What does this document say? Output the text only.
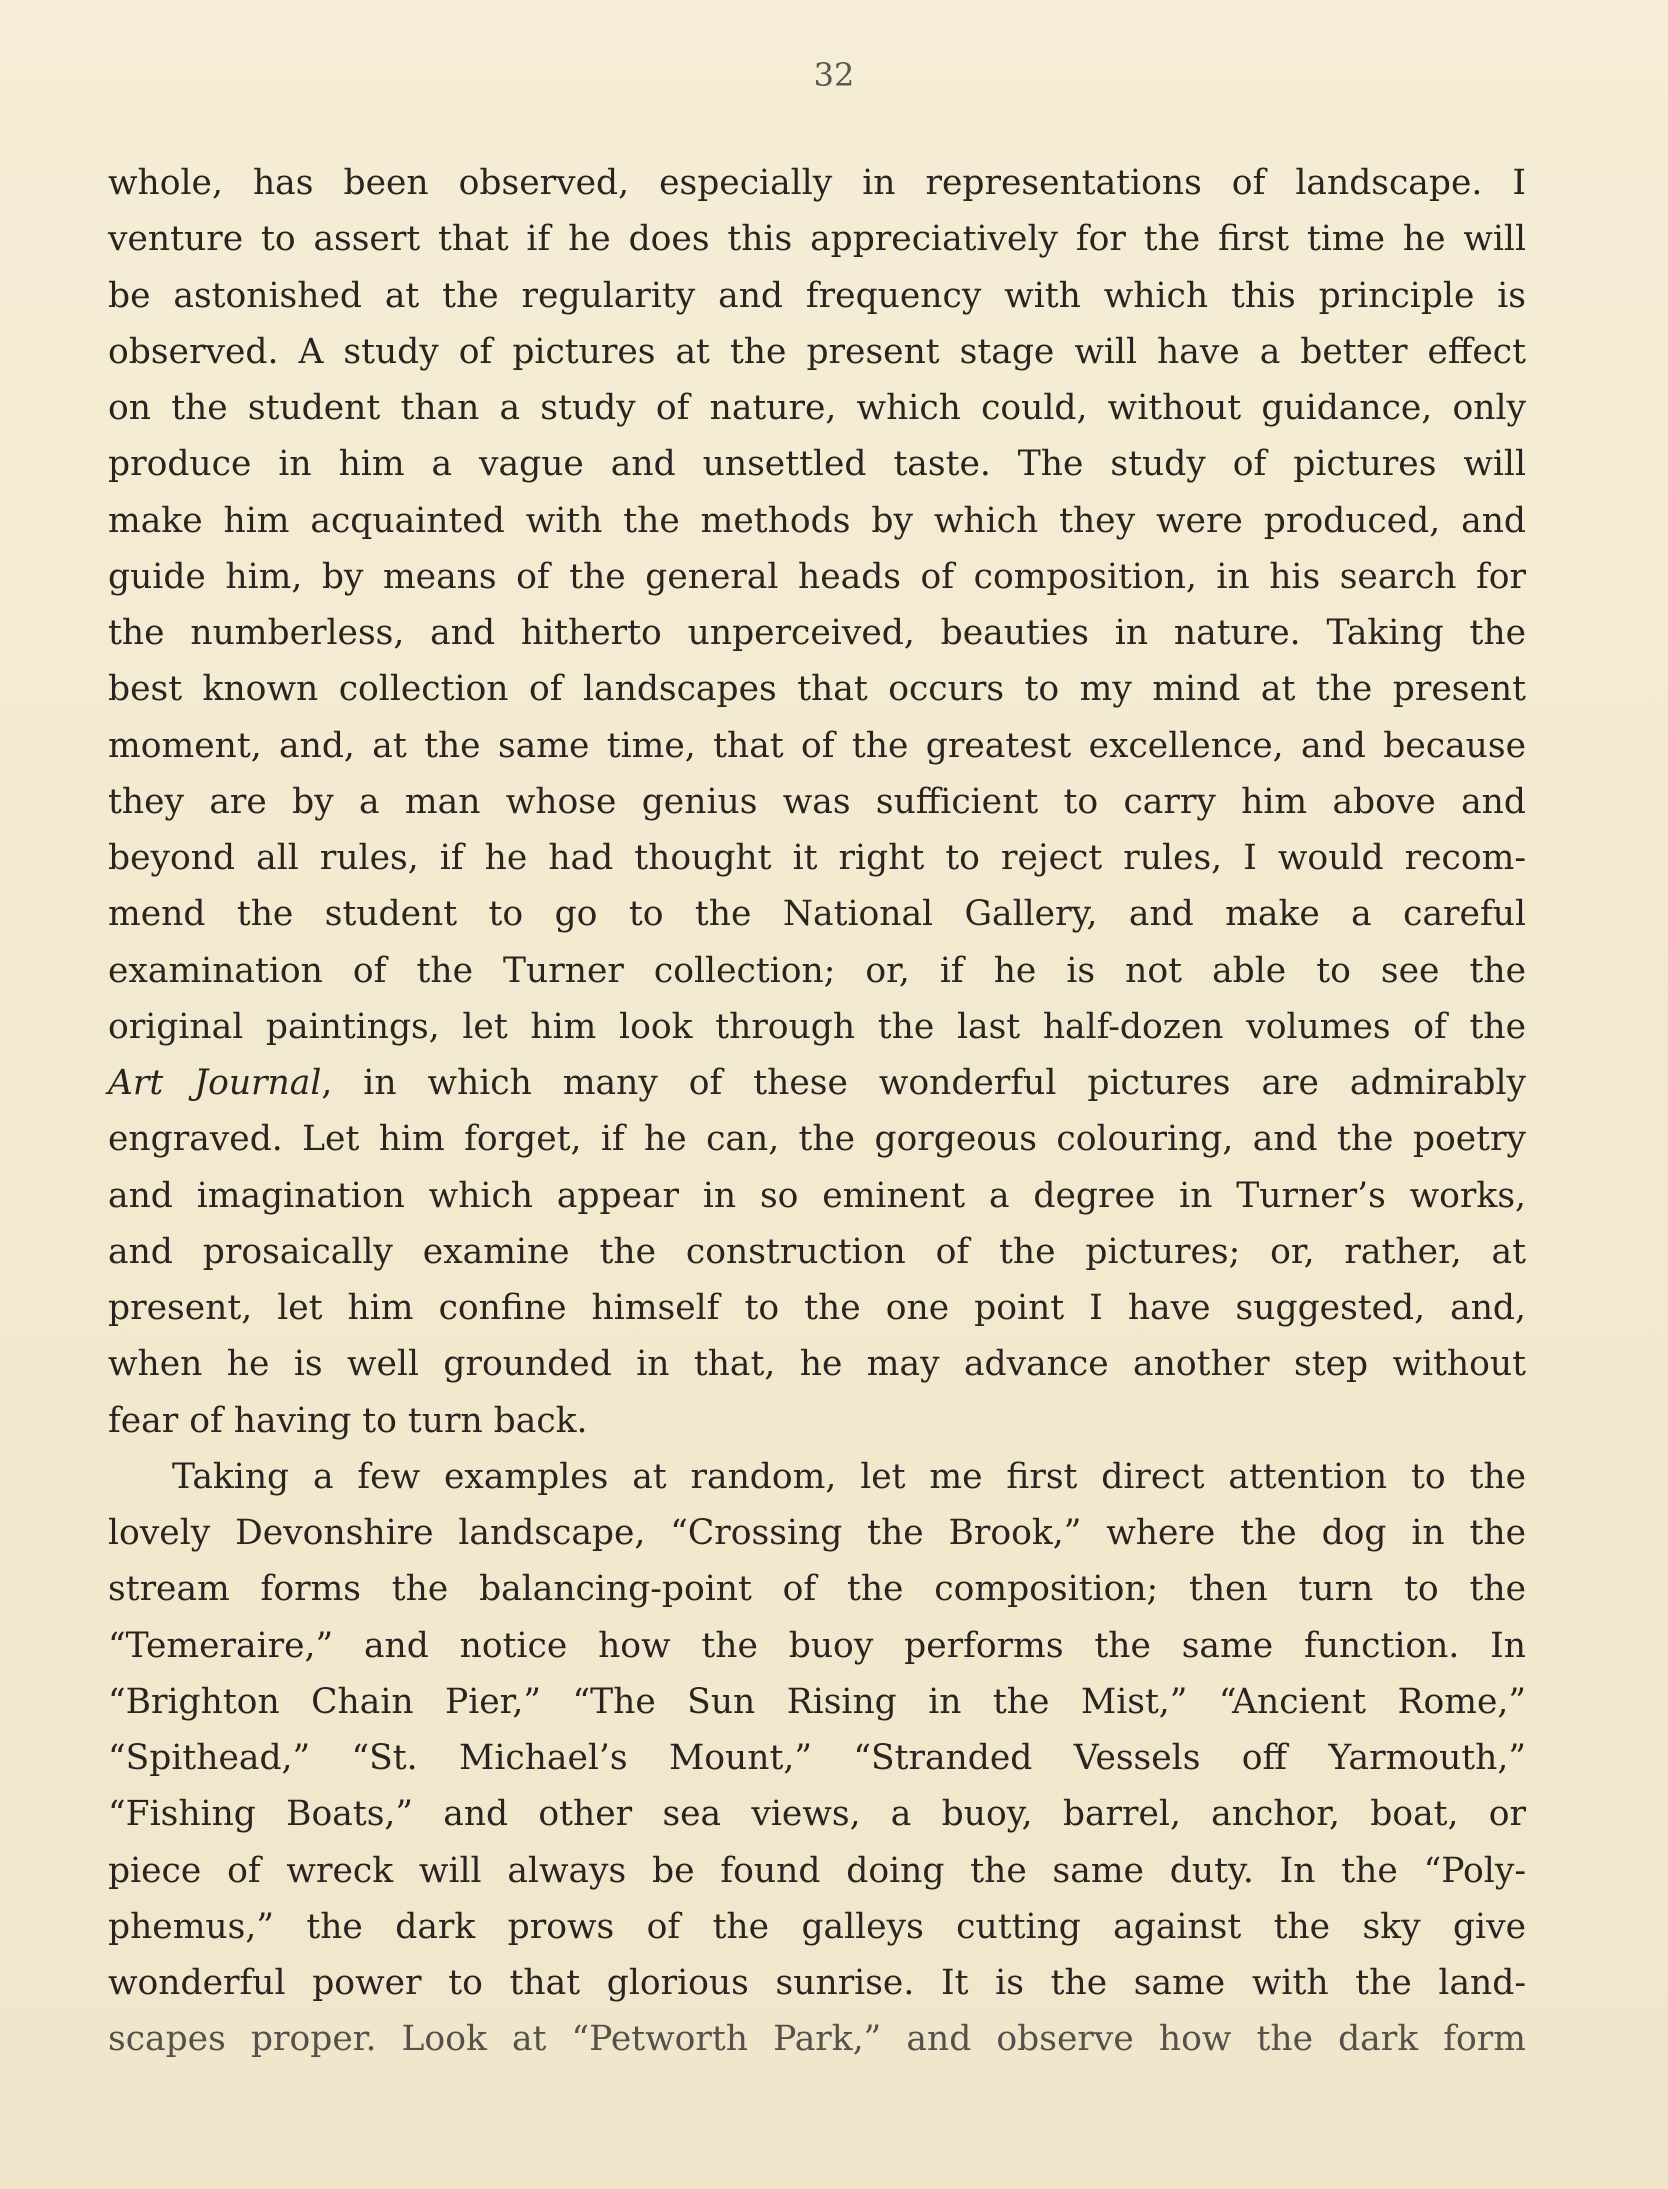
32
whole, has been observed, especially in representations of landscape. I
venture to assert that if he does this appreciatively for the first time he will
be astonished at the regularity and frequency with which this principle is
observed. A study of pictures at the present stage will have a better effect
on the student than a study of nature, which could, without guidance, only
produce in him a vague and unsettled taste. The study of pictures will
make him acquainted with the methods by which they were produced, and
guide him, by means of the general heads of composition, in his search for
the numberless, and hitherto unperceived, beauties in nature. Taking the
best known collection of landscapes that occurs to my mind at the present
moment, and, at the same time, that of the greatest excellence, and because
they are by a man whose genius was sufficient to carry him above and
beyond all rules, if he had thought it right to reject rules, I would recom-
mend the student to go to the National Gallery, and make a careful
examination of the Turner collection; or, if he is not able to see the
original paintings, let him look through the last half-dozen volumes of the
Art Journal, in which many of these wonderful pictures are admirably
engraved. Let him forget, if he can, the gorgeous colouring, and the poetry
and imagination which appear in so eminent a degree in Turner’s works,
and prosaically examine the construction of the pictures; or, rather, at
present, let him confine himself to the one point I have suggested, and,
when he is well grounded in that, he may advance another step without
fear of having to turn back.
Taking a few examples at random, let me first direct attention to the
lovely Devonshire landscape, “Crossing the Brook,” where the dog in the
stream forms the balancing-point of the composition; then turn to the
“Temeraire,” and notice how the buoy performs the same function. In
“Brighton Chain Pier,” “The Sun Rising in the Mist,” “Ancient Rome,”
“Spithead,” “St. Michael’s Mount,” “Stranded Vessels off Yarmouth,”
“Fishing Boats,” and other sea views, a buoy, barrel, anchor, boat, or
piece of wreck will always be found doing the same duty. In the “Poly-
phemus,” the dark prows of the galleys cutting against the sky give
wonderful power to that glorious sunrise. It is the same with the land-
scapes proper. Look at “Petworth Park,” and observe how the dark form
